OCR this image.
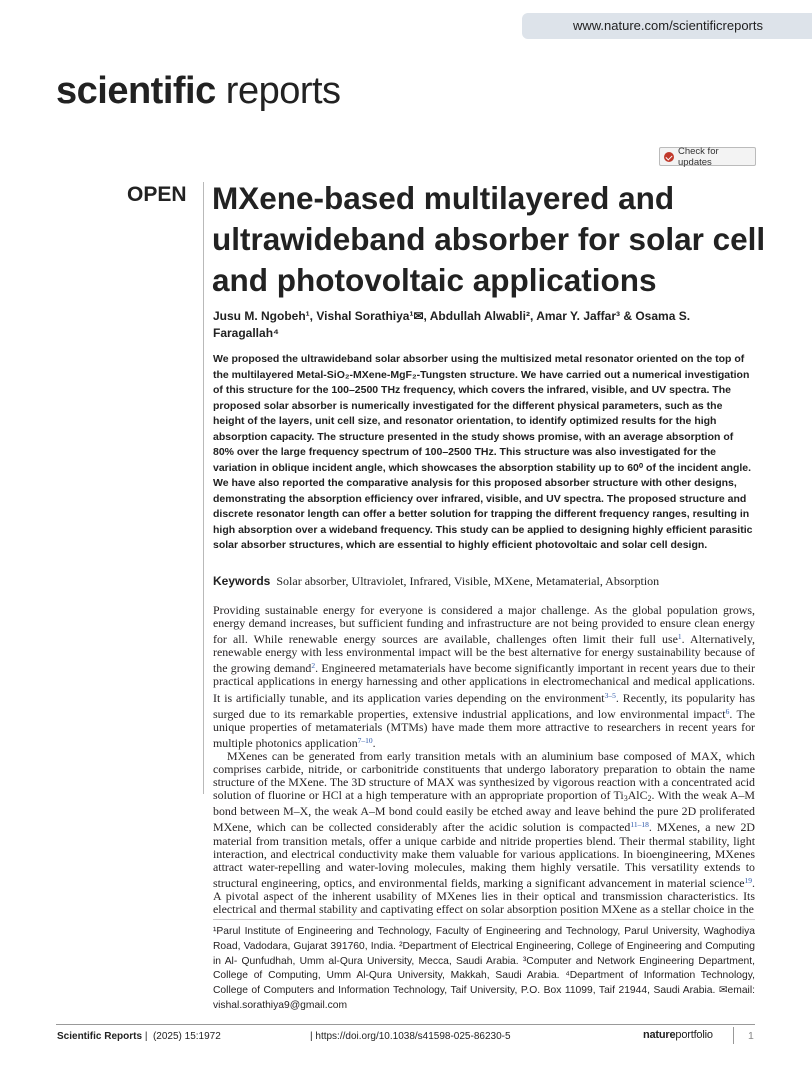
www.nature.com/scientificreports
scientific reports
Check for updates
OPEN MXene-based multilayered and ultrawideband absorber for solar cell and photovoltaic applications

Jusu M. Ngobeh¹, Vishal Sorathiya¹✉, Abdullah Alwabli², Amar Y. Jaffar³ & Osama S. Faragallah⁴

We proposed the ultrawideband solar absorber using the multisized metal resonator oriented on the top of the multilayered Metal-SiO₂-MXene-MgF₂-Tungsten structure. We have carried out a numerical investigation of this structure for the 100–2500 THz frequency, which covers the infrared, visible, and UV spectra. The proposed solar absorber is numerically investigated for the different physical parameters, such as the height of the layers, unit cell size, and resonator orientation, to identify optimized results for the high absorption capacity. The structure presented in the study shows promise, with an average absorption of 80% over the large frequency spectrum of 100–2500 THz. This structure was also investigated for the variation in oblique incident angle, which showcases the absorption stability up to 60⁰ of the incident angle. We have also reported the comparative analysis for this proposed absorber structure with other designs, demonstrating the absorption efficiency over infrared, visible, and UV spectra. The proposed structure and discrete resonator length can offer a better solution for trapping the different frequency ranges, resulting in high absorption over a wideband frequency. This study can be applied to designing highly efficient parasitic solar absorber structures, which are essential to highly efficient photovoltaic and solar cell design.

Keywords Solar absorber, Ultraviolet, Infrared, Visible, MXene, Metamaterial, Absorption

Providing sustainable energy for everyone is considered a major challenge. As the global population grows, energy demand increases, but sufficient funding and infrastructure are not being provided to ensure clean energy for all. While renewable energy sources are available, challenges often limit their full use$^1$. Alternatively, renewable energy with less environmental impact will be the best alternative for energy sustainability because of the growing demand$^2$. Engineered metamaterials have become significantly important in recent years due to their practical applications in energy harnessing and other applications in electromechanical and medical applications. It is artificially tunable, and its application varies depending on the environment$^{3-5}$. Recently, its popularity has surged due to its remarkable properties, extensive industrial applications, and low environmental impact$^6$. The unique properties of metamaterials (MTMs) have made them more attractive to researchers in recent years for multiple photonics application$^{7-10}$.

MXenes can be generated from early transition metals with an aluminium base composed of MAX, which comprises carbide, nitride, or carbonitride constituents that undergo laboratory preparation to obtain the name structure of the MXene. The 3D structure of MAX was synthesized by vigorous reaction with a concentrated acid solution of fluorine or HCl at a high temperature with an appropriate proportion of $Ti_3AlC_2$. With the weak A–M bond between M–X, the weak A–M bond could easily be etched away and leave behind the pure 2D proliferated MXene, which can be collected considerably after the acidic solution is compacted$^{11-18}$. MXenes, a new 2D material from transition metals, offer a unique carbide and nitride properties blend. Their thermal stability, light interaction, and electrical conductivity make them valuable for various applications. In bioengineering, MXenes attract water-repelling and water-loving molecules, making them highly versatile. This versatility extends to structural engineering, optics, and environmental fields, marking a significant advancement in material science$^{19}$. A pivotal aspect of the inherent usability of MXenes lies in their optical and transmission characteristics. Its electrical and thermal stability and captivating effect on solar absorption position MXene as a stellar choice in the

¹Parul Institute of Engineering and Technology, Faculty of Engineering and Technology, Parul University, Waghodiya Road, Vadodara, Gujarat 391760, India. ²Department of Electrical Engineering, College of Engineering and Computing in Al- Qunfudhah, Umm al-Qura University, Mecca, Saudi Arabia. ³Computer and Network Engineering Department, College of Computing, Umm Al-Qura University, Makkah, Saudi Arabia. ⁴Department of Information Technology, College of Computers and Information Technology, Taif University, P.O. Box 11099, Taif 21944, Saudi Arabia. ✉email: vishal.sorathiya9@gmail.com

Scientific Reports |  (2025) 15:1972	| https://doi.org/10.1038/s41598-025-86230-5	natureportfolio	1
